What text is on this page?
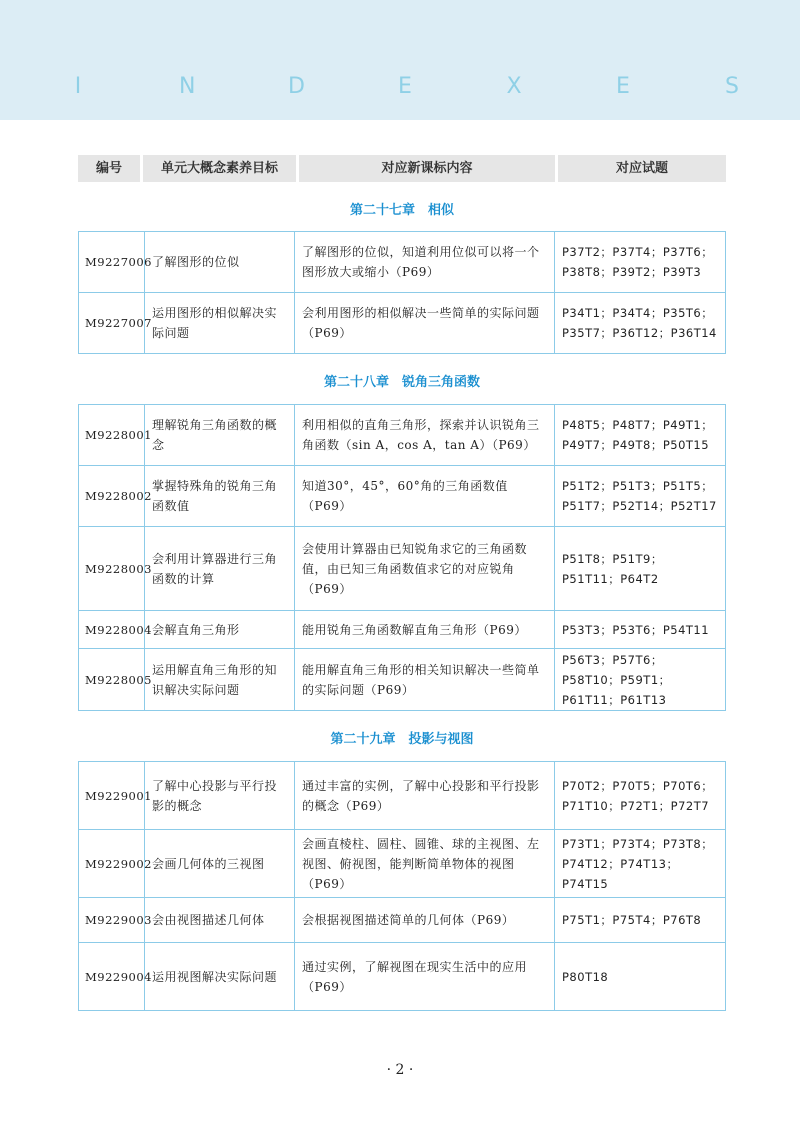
I	N	D	E	X	E	S
编号	单元大概念素养目标	对应新课标内容	对应试题
第二十七章　相似
M9227006	了解图形的位似	了解图形的位似，知道利用位似可以将一个图形放大或缩小（P69）	P37T2；P37T4；P37T6；P38T8；P39T2；P39T3
M9227007	运用图形的相似解决实际问题	会利用图形的相似解决一些简单的实际问题（P69）	P34T1；P34T4；P35T6；P35T7；P36T12；P36T14
第二十八章　锐角三角函数
M9228001	理解锐角三角函数的概念	利用相似的直角三角形，探索并认识锐角三角函数（sin A，cos A，tan A）（P69）	P48T5；P48T7；P49T1；P49T7；P49T8；P50T15
M9228002	掌握特殊角的锐角三角函数值	知道30°，45°，60°角的三角函数值（P69）	P51T2；P51T3；P51T5；P51T7；P52T14；P52T17
M9228003	会利用计算器进行三角函数的计算	会使用计算器由已知锐角求它的三角函数值，由已知三角函数值求它的对应锐角（P69）	P51T8；P51T9；P51T11；P64T2
M9228004	会解直角三角形	能用锐角三角函数解直角三角形（P69）	P53T3；P53T6；P54T11
M9228005	运用解直角三角形的知识解决实际问题	能用解直角三角形的相关知识解决一些简单的实际问题（P69）	P56T3；P57T6；P58T10；P59T1；P61T11；P61T13
第二十九章　投影与视图
M9229001	了解中心投影与平行投影的概念	通过丰富的实例，了解中心投影和平行投影的概念（P69）	P70T2；P70T5；P70T6；P71T10；P72T1；P72T7
M9229002	会画几何体的三视图	会画直棱柱、圆柱、圆锥、球的主视图、左视图、俯视图，能判断简单物体的视图（P69）	P73T1；P73T4；P73T8；P74T12；P74T13；P74T15
M9229003	会由视图描述几何体	会根据视图描述简单的几何体（P69）	P75T1；P75T4；P76T8
M9229004	运用视图解决实际问题	通过实例，了解视图在现实生活中的应用（P69）	P80T18
· 2 ·
